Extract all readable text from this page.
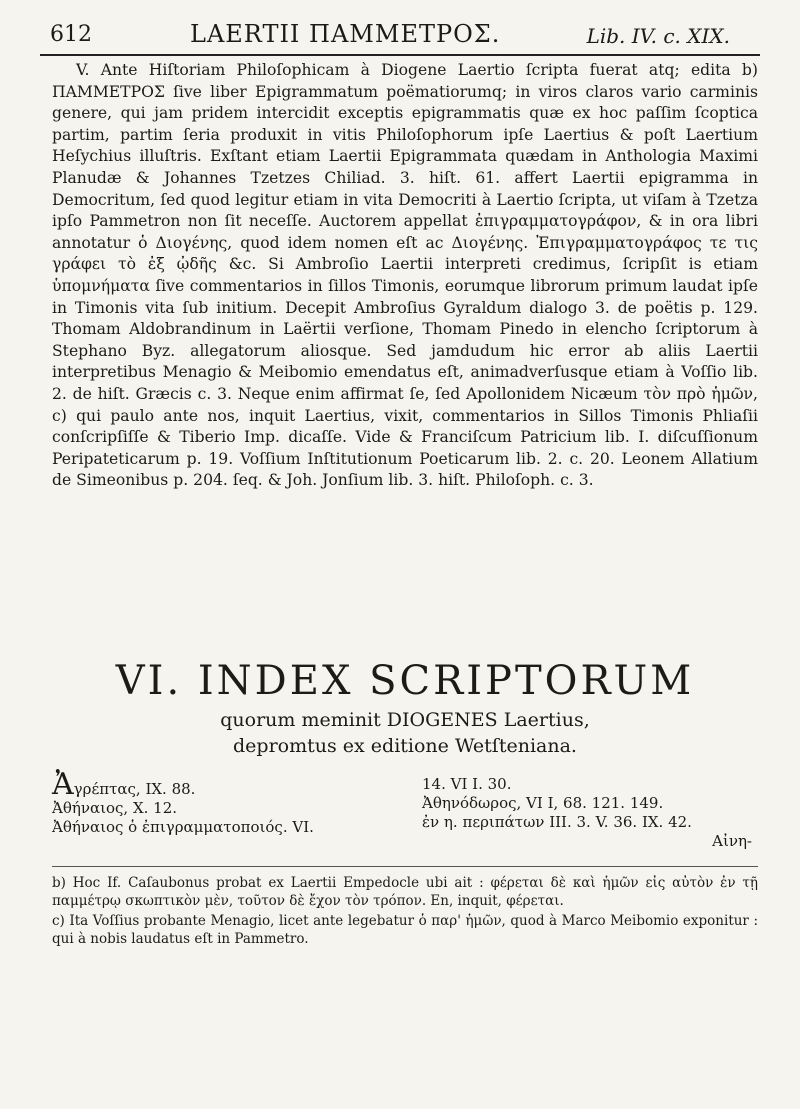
612	LAERTII ΠΑΜΜΕΤΡΟΣ.	Lib. IV. c. XIX.

V. Ante Hiſtoriam Philoſophicam à Diogene Laertio ſcripta fuerat atq; edita b) ΠΑΜΜΕΤΡΟΣ ſive liber Epigrammatum poëmatiorumq; in viros claros vario carminis genere, qui jam pridem intercidit exceptis epigrammatis quæ ex hoc paſſim ſcoptica partim, partim ſeria produxit in vitis Philoſophorum ipſe Laertius & poſt Laertium Heſychius illuſtris. Exſtant etiam Laertii Epigrammata quædam in Anthologia Maximi Planudæ & Johannes Tzetzes Chiliad. 3. hiſt. 61. affert Laertii epigramma in Democritum, ſed quod legitur etiam in vita Democriti à Laertio ſcripta, ut viſam à Tzetza ipſo Pammetron non ſit neceſſe. Auctorem appellat ἐπιγραμματογράφον, & in ora libri annotatur ὁ Διογένης, quod idem nomen eſt ac Διογένης. Ἐπιγραμματογράφος τε τις γράφει τὸ ἐξ ᾠδῆς &c. Si Ambroſio Laertii interpreti credimus, ſcripſit is etiam ὑπομνήματα ſive commentarios in ſillos Timonis, eorumque librorum primum laudat ipſe in Timonis vita ſub initium. Decepit Ambroſius Gyraldum dialogo 3. de poëtis p. 129. Thomam Aldobrandinum in Laërtii verſione, Thomam Pinedo in elencho ſcriptorum à Stephano Byz. allegatorum aliosque. Sed jamdudum hic error ab aliis Laertii interpretibus Menagio & Meibomio emendatus eſt, animadverſusque etiam à Voſſio lib. 2. de hiſt. Græcis c. 3. Neque enim affirmat ſe, ſed Apollonidem Nicæum τὸν πρὸ ἡμῶν, c) qui paulo ante nos, inquit Laertius, vixit, commentarios in Sillos Timonis Phliaſii conſcripſiſſe & Tiberio Imp. dicaſſe. Vide & Franciſcum Patricium lib. I. diſcuſſionum Peripateticarum p. 19. Voſſium Inſtitutionum Poeticarum lib. 2. c. 20. Leonem Allatium de Simeonibus p. 204. ſeq. & Joh. Jonſium lib. 3. hiſt. Philoſoph. c. 3.

VI. INDEX SCRIPTORUM
quorum meminit DIOGENES Laertius,
depromtus ex editione Wetſteniana.
Ἀγρέπτας, IX. 88.
Ἀθήναιος, X. 12.
Ἀθήναιος ὁ ἐπιγραμματοποιός. VI.
14. VI I. 30.
Ἀθηνόδωρος, VI I, 68. 121. 149.
ἐν η. περιπάτων III. 3. V. 36. IX. 42.
Αἰνη-

b) Hoc If. Caſaubonus probat ex Laertii Empedocle ubi ait : φέρεται δὲ καὶ ἡμῶν εἰς αὐτὸν ἐν τῇ παμμέτρῳ σκωπτικὸν μὲν, τοῦτον δὲ ἔχον τὸν τρόπον. En, inquit, φέρεται.

c) Ita Voſſius probante Menagio, licet ante legebatur ὁ παρ' ἡμῶν, quod à Marco Meibomio exponitur : qui à nobis laudatus eſt in Pammetro.
